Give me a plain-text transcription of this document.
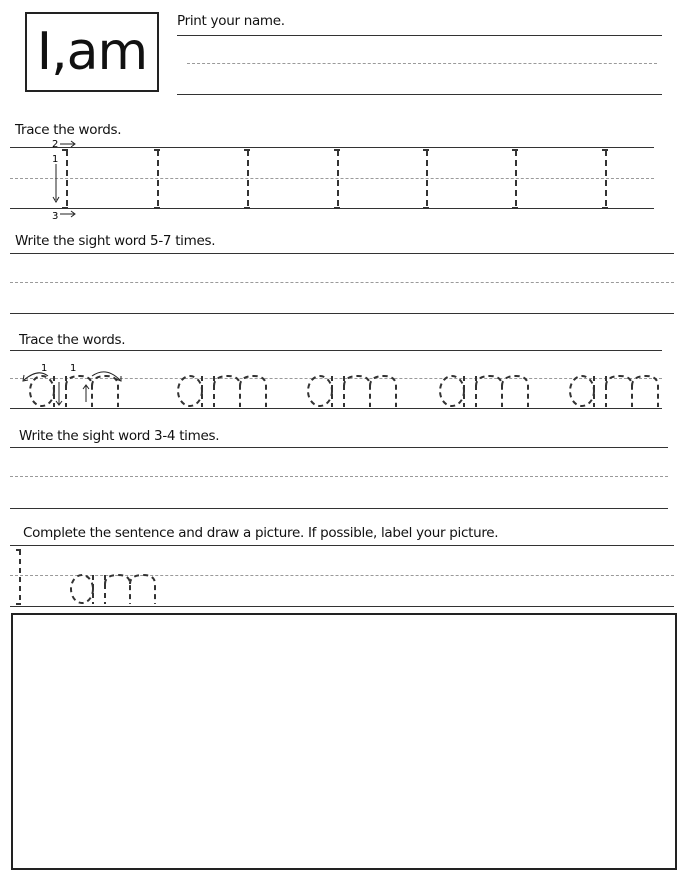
I,am
Print your name.
Trace the words.
2
1
3
Write the sight word 5-7 times.
Trace the words.
1 1
Write the sight word 3-4 times.
Complete the sentence and draw a picture. If possible, label your picture.
